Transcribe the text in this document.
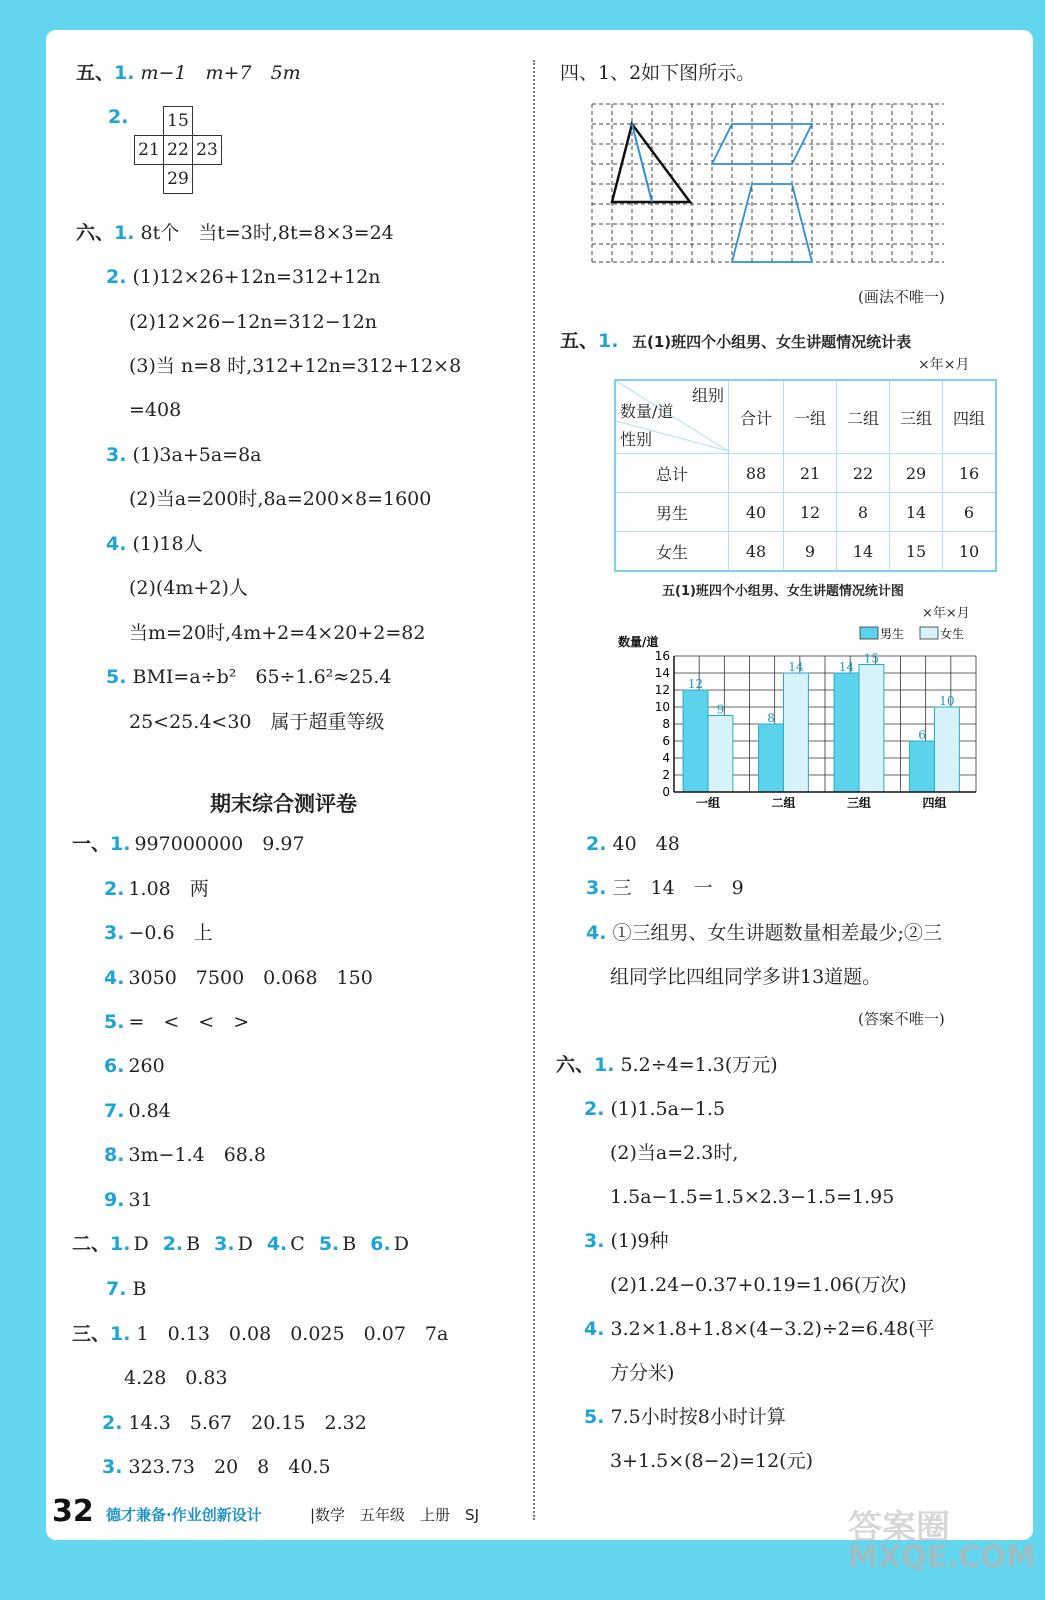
五、1. m−1　m+7　5m
2.
	15	
21	22	23
	29	
六、1. 8t个　当t=3时,8t=8×3=24
2. (1)12×26+12n=312+12n
(2)12×26−12n=312−12n
(3)当 n=8 时,312+12n=312+12×8
=408
3. (1)3a+5a=8a
(2)当a=200时,8a=200×8=1600
4. (1)18人
(2)(4m+2)人
当m=20时,4m+2=4×20+2=82
5. BMI=a÷b²　65÷1.6²≈25.4
25<25.4<30　属于超重等级
期末综合测评卷
一、1. 997000000　9.97
2. 1.08　两
3. −0.6　上
4. 3050　7500　0.068　150
5. =　<　<　>
6. 260
7. 0.84
8. 3m−1.4　68.8
9. 31
二、1. D 2. B 3. D 4. C 5. B 6. D
7. B
三、1. 1　0.13　0.08　0.025　0.07　7a
4.28　0.83
2. 14.3　5.67　20.15　2.32
3. 323.73　20　8　40.5
四、1、2如下图所示。
(画法不唯一)
五、1. 五(1)班四个小组男、女生讲题情况统计表
×年×月
组别
数量/道
性别	合计	一组	二组	三组	四组
总计	88	21	22	29	16
男生	40	12	8	14	6
女生	48	9	14	15	10
五(1)班四个小组男、女生讲题情况统计图
×年×月
0
2
4
6
8
10
12
14
16
数量/道
男生	女生
12
9
一组
8
14
二组
14
15
三组
6
10
四组
2. 40　48
3. 三　14　一　9
4. ①三组男、女生讲题数量相差最少;②三
组同学比四组同学多讲13道题。
(答案不唯一)
六、1. 5.2÷4=1.3(万元)
2. (1)1.5a−1.5
(2)当a=2.3时,
1.5a−1.5=1.5×2.3−1.5=1.95
3. (1)9种
(2)1.24−0.37+0.19=1.06(万次)
4. 3.2×1.8+1.8×(4−3.2)÷2=6.48(平
方分米)
5. 7.5小时按8小时计算
3+1.5×(8−2)=12(元)
32 德才兼备·作业创新设计	|数学　五年级　上册　SJ	答案圈
MXQE.COM
